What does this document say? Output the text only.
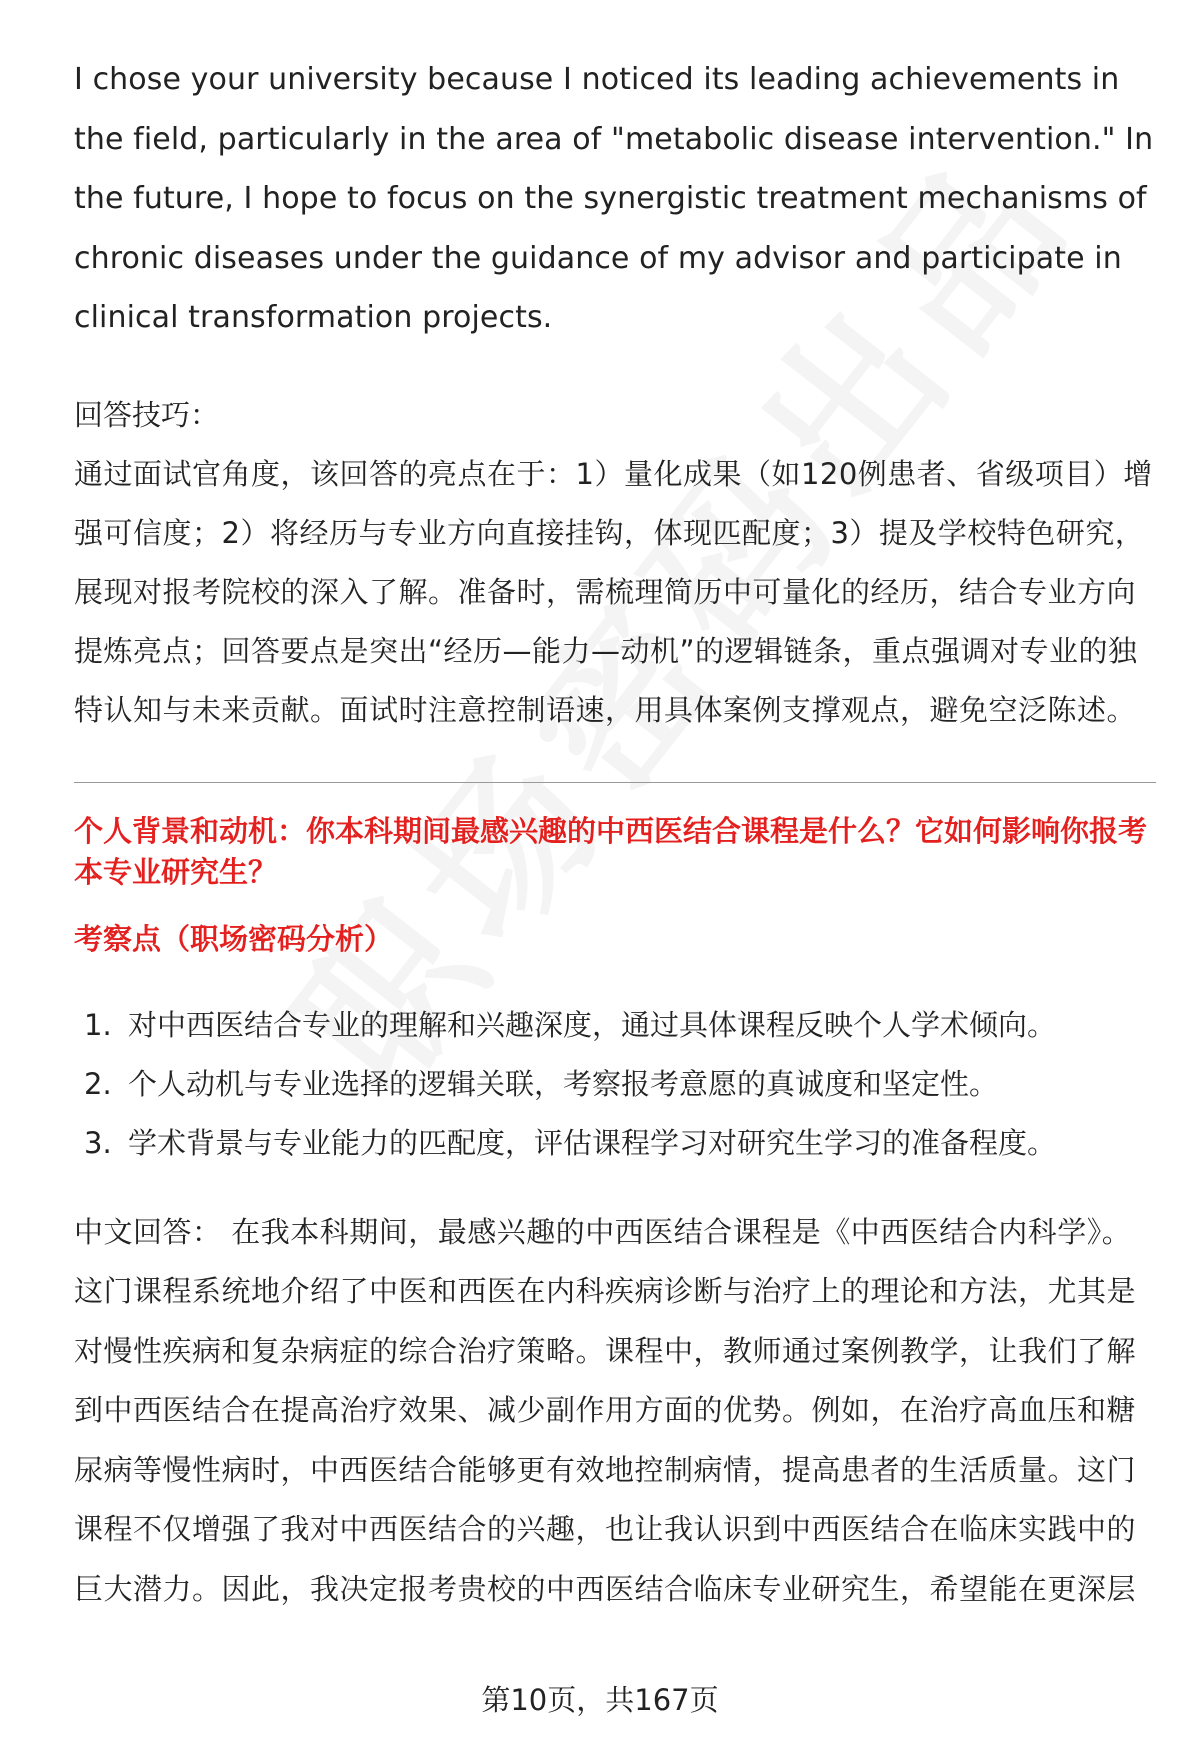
I chose your university because I noticed its leading achievements in the field, particularly in the area of "metabolic disease intervention." In the future, I hope to focus on the synergistic treatment mechanisms of chronic diseases under the guidance of my advisor and participate in clinical transformation projects.

回答技巧：

通过面试官角度，该回答的亮点在于：1）量化成果（如120例患者、省级项目）增强可信度；2）将经历与专业方向直接挂钩，体现匹配度；3）提及学校特色研究，展现对报考院校的深入了解。准备时，需梳理简历中可量化的经历，结合专业方向提炼亮点；回答要点是突出“经历—能力—动机”的逻辑链条，重点强调对专业的独特认知与未来贡献。面试时注意控制语速，用具体案例支撑观点，避免空泛陈述。

个人背景和动机：你本科期间最感兴趣的中西医结合课程是什么？它如何影响你报考本专业研究生？

考察点（职场密码分析）

1. 对中西医结合专业的理解和兴趣深度，通过具体课程反映个人学术倾向。
2. 个人动机与专业选择的逻辑关联，考察报考意愿的真诚度和坚定性。
3. 学术背景与专业能力的匹配度，评估课程学习对研究生学习的准备程度。

中文回答： 在我本科期间，最感兴趣的中西医结合课程是《中西医结合内科学》。这门课程系统地介绍了中医和西医在内科疾病诊断与治疗上的理论和方法，尤其是对慢性疾病和复杂病症的综合治疗策略。课程中，教师通过案例教学，让我们了解到中西医结合在提高治疗效果、减少副作用方面的优势。例如，在治疗高血压和糖尿病等慢性病时，中西医结合能够更有效地控制病情，提高患者的生活质量。这门课程不仅增强了我对中西医结合的兴趣，也让我认识到中西医结合在临床实践中的巨大潜力。因此，我决定报考贵校的中西医结合临床专业研究生，希望能在更深层

第10页，共167页
